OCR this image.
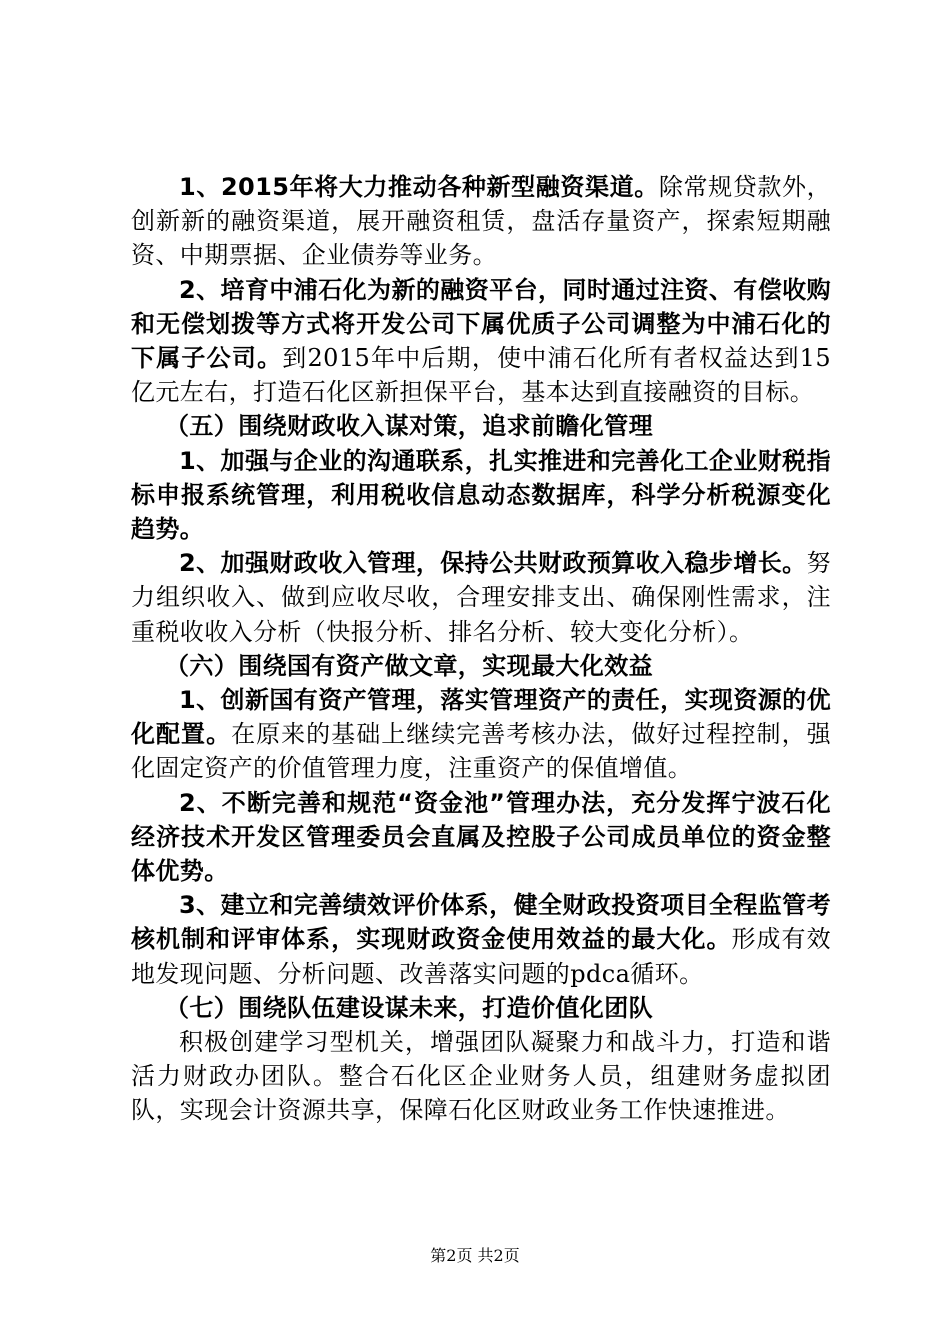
1、2015年将大力推动各种新型融资渠道。除常规贷款外，创新新的融资渠道，展开融资租赁，盘活存量资产，探索短期融资、中期票据、企业债券等业务。

2、培育中浦石化为新的融资平台，同时通过注资、有偿收购和无偿划拨等方式将开发公司下属优质子公司调整为中浦石化的下属子公司。到2015年中后期，使中浦石化所有者权益达到15亿元左右，打造石化区新担保平台，基本达到直接融资的目标。

（五）围绕财政收入谋对策，追求前瞻化管理

1、加强与企业的沟通联系，扎实推进和完善化工企业财税指标申报系统管理，利用税收信息动态数据库，科学分析税源变化趋势。

2、加强财政收入管理，保持公共财政预算收入稳步增长。努力组织收入、做到应收尽收，合理安排支出、确保刚性需求，注重税收收入分析（快报分析、排名分析、较大变化分析）。

（六）围绕国有资产做文章，实现最大化效益

1、创新国有资产管理，落实管理资产的责任，实现资源的优化配置。在原来的基础上继续完善考核办法，做好过程控制，强化固定资产的价值管理力度，注重资产的保值增值。

2、不断完善和规范“资金池”管理办法，充分发挥宁波石化经济技术开发区管理委员会直属及控股子公司成员单位的资金整体优势。

3、建立和完善绩效评价体系，健全财政投资项目全程监管考核机制和评审体系，实现财政资金使用效益的最大化。形成有效地发现问题、分析问题、改善落实问题的pdca循环。

（七）围绕队伍建设谋未来，打造价值化团队

积极创建学习型机关，增强团队凝聚力和战斗力，打造和谐活力财政办团队。整合石化区企业财务人员，组建财务虚拟团队，实现会计资源共享，保障石化区财政业务工作快速推进。

第2页 共2页
